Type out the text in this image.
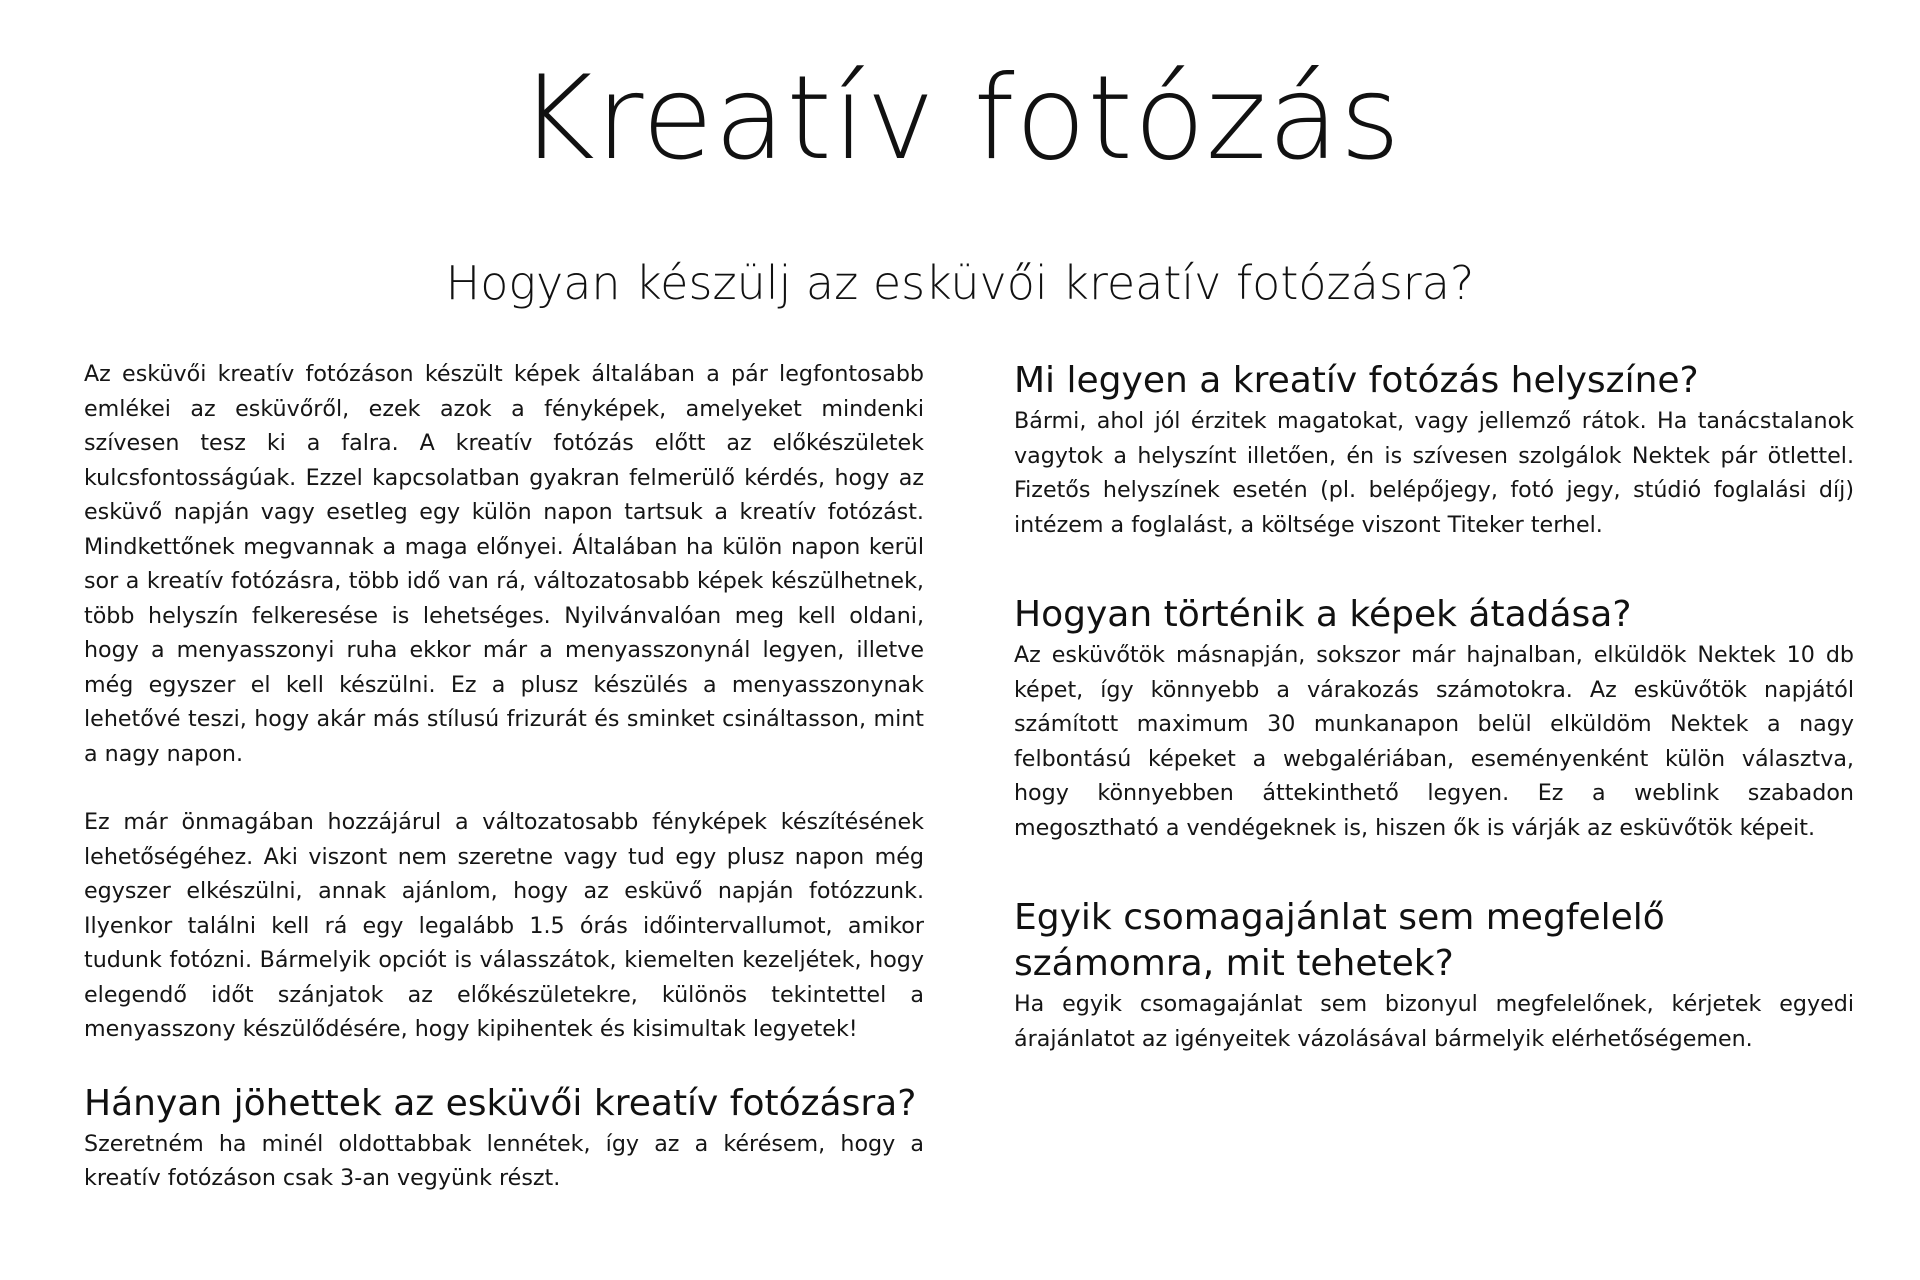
Kreatív fotózás
Hogyan készülj az esküvői kreatív fotózásra?

Az esküvői kreatív fotózáson készült képek általában a pár legfontosabb emlékei az esküvőről, ezek azok a fényképek, amelyeket mindenki szívesen tesz ki a falra. A kreatív fotózás előtt az előkészületek kulcsfontosságúak. Ezzel kapcsolatban gyakran felmerülő kérdés, hogy az esküvő napján vagy esetleg egy külön napon tartsuk a kreatív fotózást. Mindkettőnek megvannak a maga előnyei. Általában ha külön napon kerül sor a kreatív fotózásra, több idő van rá, változatosabb képek készülhetnek, több helyszín felkeresése is lehetséges. Nyilvánvalóan meg kell oldani, hogy a menyasszonyi ruha ekkor már a menyasszonynál legyen, illetve még egyszer el kell készülni. Ez a plusz készülés a menyasszonynak lehetővé teszi, hogy akár más stílusú frizurát és sminket csináltasson, mint a nagy napon.

Ez már önmagában hozzájárul a változatosabb fényképek készítésének lehetőségéhez. Aki viszont nem szeretne vagy tud egy plusz napon még egyszer elkészülni, annak ajánlom, hogy az esküvő napján fotózzunk. Ilyenkor találni kell rá egy legalább 1.5 órás időintervallumot, amikor tudunk fotózni. Bármelyik opciót is válasszátok, kiemelten kezeljétek, hogy elegendő időt szánjatok az előkészületekre, különös tekintettel a menyasszony készülődésére, hogy kipihentek és kisimultak legyetek!

Hányan jöhettek az esküvői kreatív fotózásra?

Szeretném ha minél oldottabbak lennétek, így az a kérésem, hogy a kreatív fotózáson csak 3-an vegyünk részt.

Mi legyen a kreatív fotózás helyszíne?

Bármi, ahol jól érzitek magatokat, vagy jellemző rátok. Ha tanácstalanok vagytok a helyszínt illetően, én is szívesen szolgálok Nektek pár ötlettel. Fizetős helyszínek esetén (pl. belépőjegy, fotó jegy, stúdió foglalási díj) intézem a foglalást, a költsége viszont Titeker terhel.

Hogyan történik a képek átadása?

Az esküvőtök másnapján, sokszor már hajnalban, elküldök Nektek 10 db képet, így könnyebb a várakozás számotokra. Az esküvőtök napjától számított maximum 30 munkanapon belül elküldöm Nektek a nagy felbontású képeket a webgalériában, eseményenként külön választva, hogy könnyebben áttekinthető legyen. Ez a weblink szabadon megosztható a vendégeknek is, hiszen ők is várják az esküvőtök képeit.

Egyik csomagajánlat sem megfelelő számomra, mit tehetek?

Ha egyik csomagajánlat sem bizonyul megfelelőnek, kérjetek egyedi árajánlatot az igényeitek vázolásával bármelyik elérhetőségemen.
